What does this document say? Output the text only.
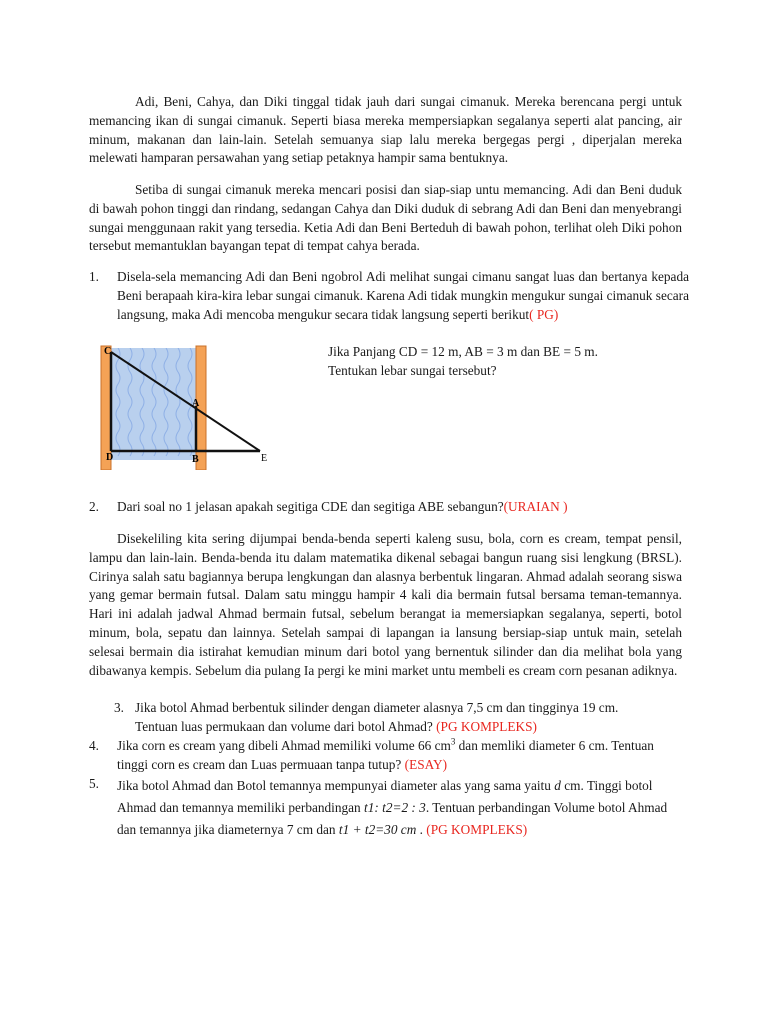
Adi, Beni, Cahya, dan Diki tinggal tidak jauh dari sungai cimanuk. Mereka berencana pergi untuk memancing ikan di sungai cimanuk. Seperti biasa mereka mempersiapkan segalanya seperti alat pancing, air minum, makanan dan lain-lain. Setelah semuanya siap lalu mereka bergegas pergi , diperjalan mereka melewati hamparan persawahan yang setiap petaknya hampir sama bentuknya.

Setiba di sungai cimanuk mereka mencari posisi dan siap-siap untu memancing. Adi dan Beni duduk di bawah pohon tinggi dan rindang, sedangan Cahya dan Diki duduk di sebrang Adi dan Beni dan menyebrangi sungai menggunaan rakit yang tersedia. Ketia Adi dan Beni Berteduh di bawah pohon, terlihat oleh Diki pohon tersebut memantuklan bayangan tepat di tempat cahya berada.

1. Disela-sela memancing Adi dan Beni ngobrol Adi melihat sungai cimanu sangat luas dan bertanya kepada Beni berapaah kira-kira lebar sungai cimanuk. Karena Adi tidak mungkin mengukur sungai cimanuk secara langsung, maka Adi mencoba mengukur secara tidak langsung seperti berikut( PG)

C
A
D	B	E

Jika Panjang CD = 12 m, AB = 3 m dan BE = 5 m.

Tentukan lebar sungai tersebut?

2. Dari soal no 1 jelasan apakah segitiga CDE dan segitiga ABE sebangun?(URAIAN )

Disekeliling kita sering dijumpai benda-benda seperti kaleng susu, bola, corn es cream, tempat pensil, lampu dan lain-lain. Benda-benda itu dalam matematika dikenal sebagai bangun ruang sisi lengkung (BRSL). Cirinya salah satu bagiannya berupa lengkungan dan alasnya berbentuk lingaran. Ahmad adalah seorang siswa yang gemar bermain futsal. Dalam satu minggu hampir 4 kali dia bermain futsal bersama teman-temannya. Hari ini adalah jadwal Ahmad bermain futsal, sebelum berangat ia memersiapkan segalanya, seperti, botol minum, bola, sepatu dan lainnya. Setelah sampai di lapangan ia lansung bersiap-siap untuk main, setelah selesai bermain dia istirahat kemudian minum dari botol yang bernentuk silinder dan dia melihat bola yang dibawanya kempis. Sebelum dia pulang Ia pergi ke mini market untu membeli es cream corn pesanan adiknya.

3. Jika botol Ahmad berbentuk silinder dengan diameter alasnya 7,5 cm dan tingginya 19 cm.

Tentuan luas permukaan dan volume dari botol Ahmad? (PG KOMPLEKS)

4. Jika corn es cream yang dibeli Ahmad memiliki volume 66 $cm^3$ dan memliki diameter 6 cm. Tentuan tinggi corn es cream dan Luas permuaan tanpa tutup? (ESAY)

5. Jika botol Ahmad dan Botol temannya mempunyai diameter alas yang sama yaitu d cm. Tinggi botol Ahmad dan temannya memiliki perbandingan t1: t2=2 : 3. Tentuan perbandingan Volume botol Ahmad dan temannya jika diameternya 7 cm dan t1 + t2=30 cm . (PG KOMPLEKS)
